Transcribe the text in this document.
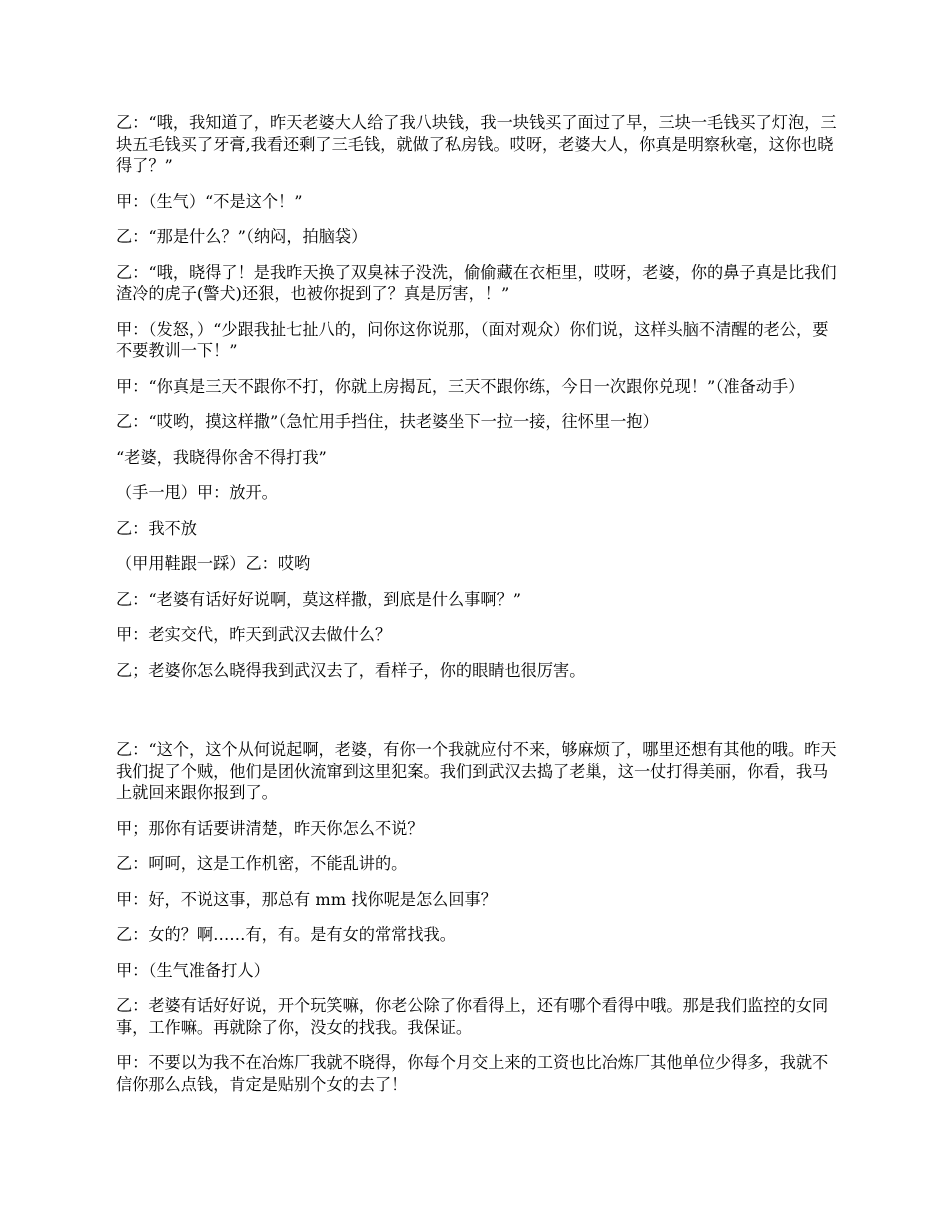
乙：“哦，我知道了，昨天老婆大人给了我八块钱，我一块钱买了面过了早，三块一毛钱买了灯泡，三块五毛钱买了牙膏,我看还剩了三毛钱，就做了私房钱。哎呀，老婆大人，你真是明察秋毫，这你也晓得了？”

甲：（生气）“不是这个！”

乙：“那是什么？”（纳闷，拍脑袋）

乙：“哦，晓得了！是我昨天换了双臭袜子没洗，偷偷藏在衣柜里，哎呀，老婆，你的鼻子真是比我们渣冷的虎子(警犬)还狠，也被你捉到了？真是厉害，！”

甲：（发怒，）“少跟我扯七扯八的，问你这你说那，（面对观众）你们说，这样头脑不清醒的老公，要不要教训一下！”

甲：“你真是三天不跟你不打，你就上房揭瓦，三天不跟你练，今日一次跟你兑现！”（准备动手）

乙：“哎哟，摸这样撒”（急忙用手挡住，扶老婆坐下一拉一接，往怀里一抱）

“老婆，我晓得你舍不得打我”

（手一甩）甲：放开。

乙：我不放

（甲用鞋跟一踩）乙：哎哟

乙：“老婆有话好好说啊，莫这样撒，到底是什么事啊？”

甲：老实交代，昨天到武汉去做什么？

乙；老婆你怎么晓得我到武汉去了，看样子，你的眼睛也很厉害。

乙：“这个，这个从何说起啊，老婆，有你一个我就应付不来，够麻烦了，哪里还想有其他的哦。昨天我们捉了个贼，他们是团伙流窜到这里犯案。我们到武汉去捣了老巢，这一仗打得美丽，你看，我马上就回来跟你报到了。

甲；那你有话要讲清楚，昨天你怎么不说？

乙：呵呵，这是工作机密，不能乱讲的。

甲：好，不说这事，那总有 mm 找你呢是怎么回事？

乙：女的？啊……有，有。是有女的常常找我。

甲：（生气准备打人）

乙：老婆有话好好说，开个玩笑嘛，你老公除了你看得上，还有哪个看得中哦。那是我们监控的女同事，工作嘛。再就除了你，没女的找我。我保证。

甲：不要以为我不在冶炼厂我就不晓得，你每个月交上来的工资也比冶炼厂其他单位少得多，我就不信你那么点钱，肯定是贴别个女的去了！
